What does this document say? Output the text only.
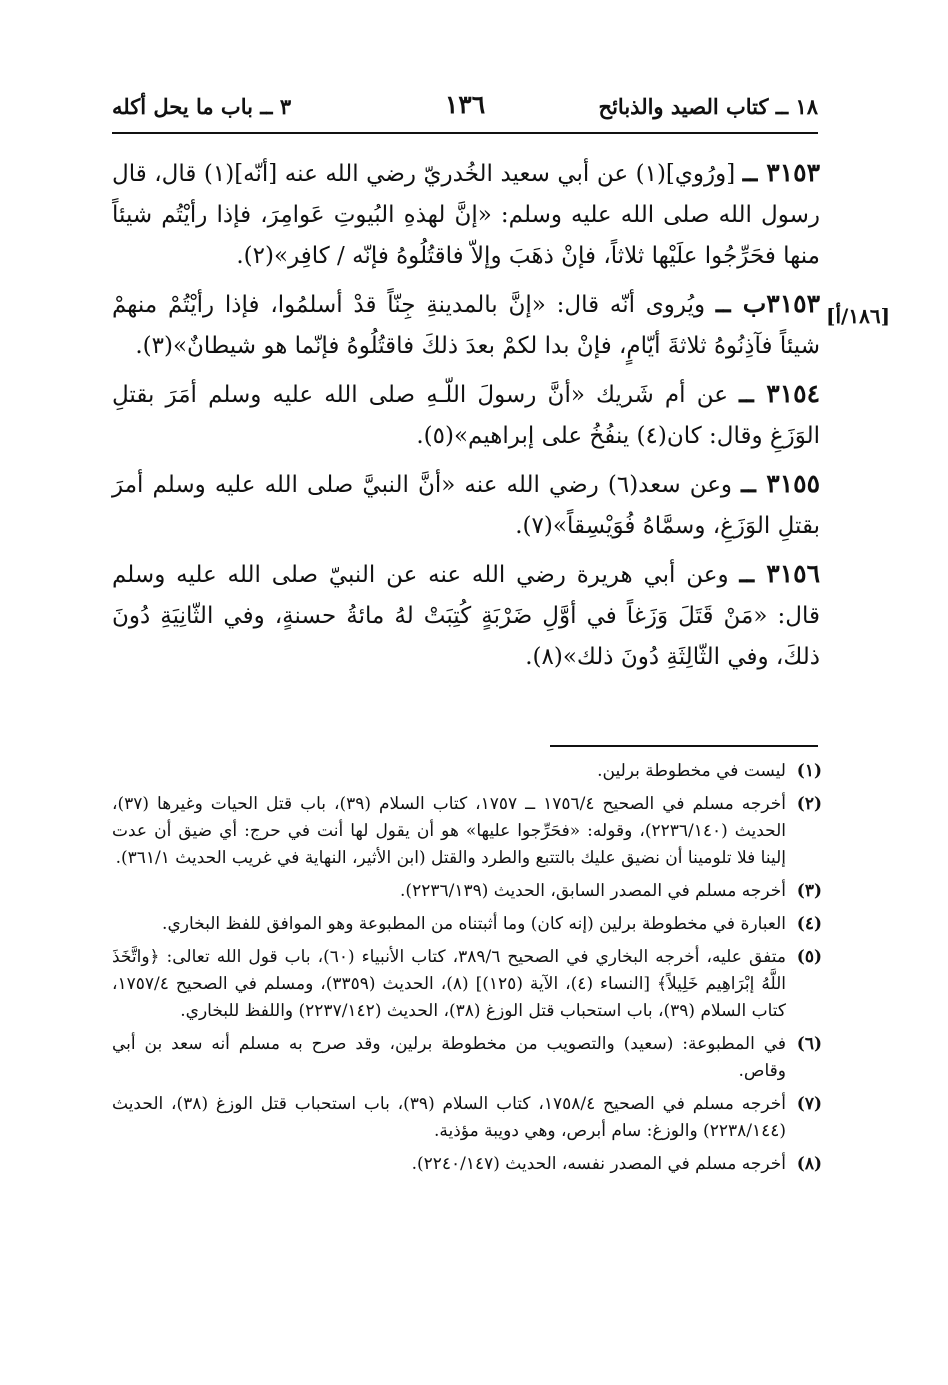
١٣٦	١٨ ــ كتاب الصيد والذبائح
٣ ــ باب ما يحل أكله
[١٨٦/أ]

٣١٥٣ ــ [ورُوي](١) عن أبي سعيد الخُدريّ رضي الله عنه [أنّه](١) قال، قال رسول الله صلى الله عليه وسلم: «إنَّ لهذهِ البُيوتِ عَوامِرَ، فإذا رأيْتُم شيئاً منها فحَرِّجُوا علَيْها ثلاثاً، فإنْ ذهَبَ وإلاّ فاقتُلُوهُ فإنّه / كافِر»(٢).

٣١٥٣ب ــ ويُروى أنّه قال: «إنَّ بالمدينةِ جِنّاً قدْ أسلمُوا، فإذا رأيْتُمْ منهمْ شيئاً فآذِنُوهُ ثلاثةَ أيّامٍ، فإنْ بدا لكمْ بعدَ ذلكَ فاقتُلُوهُ فإنّما هو شيطانٌ»(٣).

٣١٥٤ ــ عن أم شَريك «أنَّ رسولَ اللّـهِ صلى الله عليه وسلم أمَرَ بقتلِ الوَزَغِ وقال: كان(٤) ينفُخُ على إبراهيم»(٥).

٣١٥٥ ــ وعن سعد(٦) رضي الله عنه «أنَّ النبيَّ صلى الله عليه وسلم أمرَ بقتلِ الوَزَغِ، وسمَّاهُ فُوَيْسِقاً»(٧).

٣١٥٦ ــ وعن أبي هريرة رضي الله عنه عن النبيّ صلى الله عليه وسلم قال: «مَنْ قَتَلَ وَزَغاً في أوَّلِ ضَرْبَةٍ كُتِبَتْ لهُ مائةُ حسنةٍ، وفي الثّانِيَةِ دُونَ ذلكَ، وفي الثّالِثَةِ دُونَ ذلك»(٨).

(١)
ليست في مخطوطة برلين.
(٢)
أخرجه مسلم في الصحيح ١٧٥٦/٤ ــ ١٧٥٧، كتاب السلام (٣٩)، باب قتل الحيات وغيرها (٣٧)، الحديث (٢٢٣٦/١٤٠)، وقوله: «فحَرِّجوا عليها» هو أن يقول لها أنت في حرج: أي ضيق أن عدت إلينا فلا تلومينا أن نضيق عليك بالتتبع والطرد والقتل (ابن الأثير، النهاية في غريب الحديث ٣٦١/١).
(٣)
أخرجه مسلم في المصدر السابق، الحديث (٢٢٣٦/١٣٩).
(٤)
العبارة في مخطوطة برلين (إنه كان) وما أثبتناه من المطبوعة وهو الموافق للفظ البخاري.
(٥)
متفق عليه، أخرجه البخاري في الصحيح ٣٨٩/٦، كتاب الأنبياء (٦٠)، باب قول الله تعالى: ﴿واتَّخَذَ اللَّهُ إبْرَاهِيم خَلِيلاً﴾ [النساء (٤)، الآية (١٢٥)] (٨)، الحديث (٣٣٥٩)، ومسلم في الصحيح ١٧٥٧/٤، كتاب السلام (٣٩)، باب استحباب قتل الوزغ (٣٨)، الحديث (٢٢٣٧/١٤٢) واللفظ للبخاري.
(٦)
في المطبوعة: (سعيد) والتصويب من مخطوطة برلين، وقد صرح به مسلم أنه سعد بن أبي وقاص.
(٧)
أخرجه مسلم في الصحيح ١٧٥٨/٤، كتاب السلام (٣٩)، باب استحباب قتل الوزغ (٣٨)، الحديث (٢٢٣٨/١٤٤) والوزغ: سام أبرص، وهي دويبة مؤذية.
(٨)
أخرجه مسلم في المصدر نفسه، الحديث (٢٢٤٠/١٤٧).
